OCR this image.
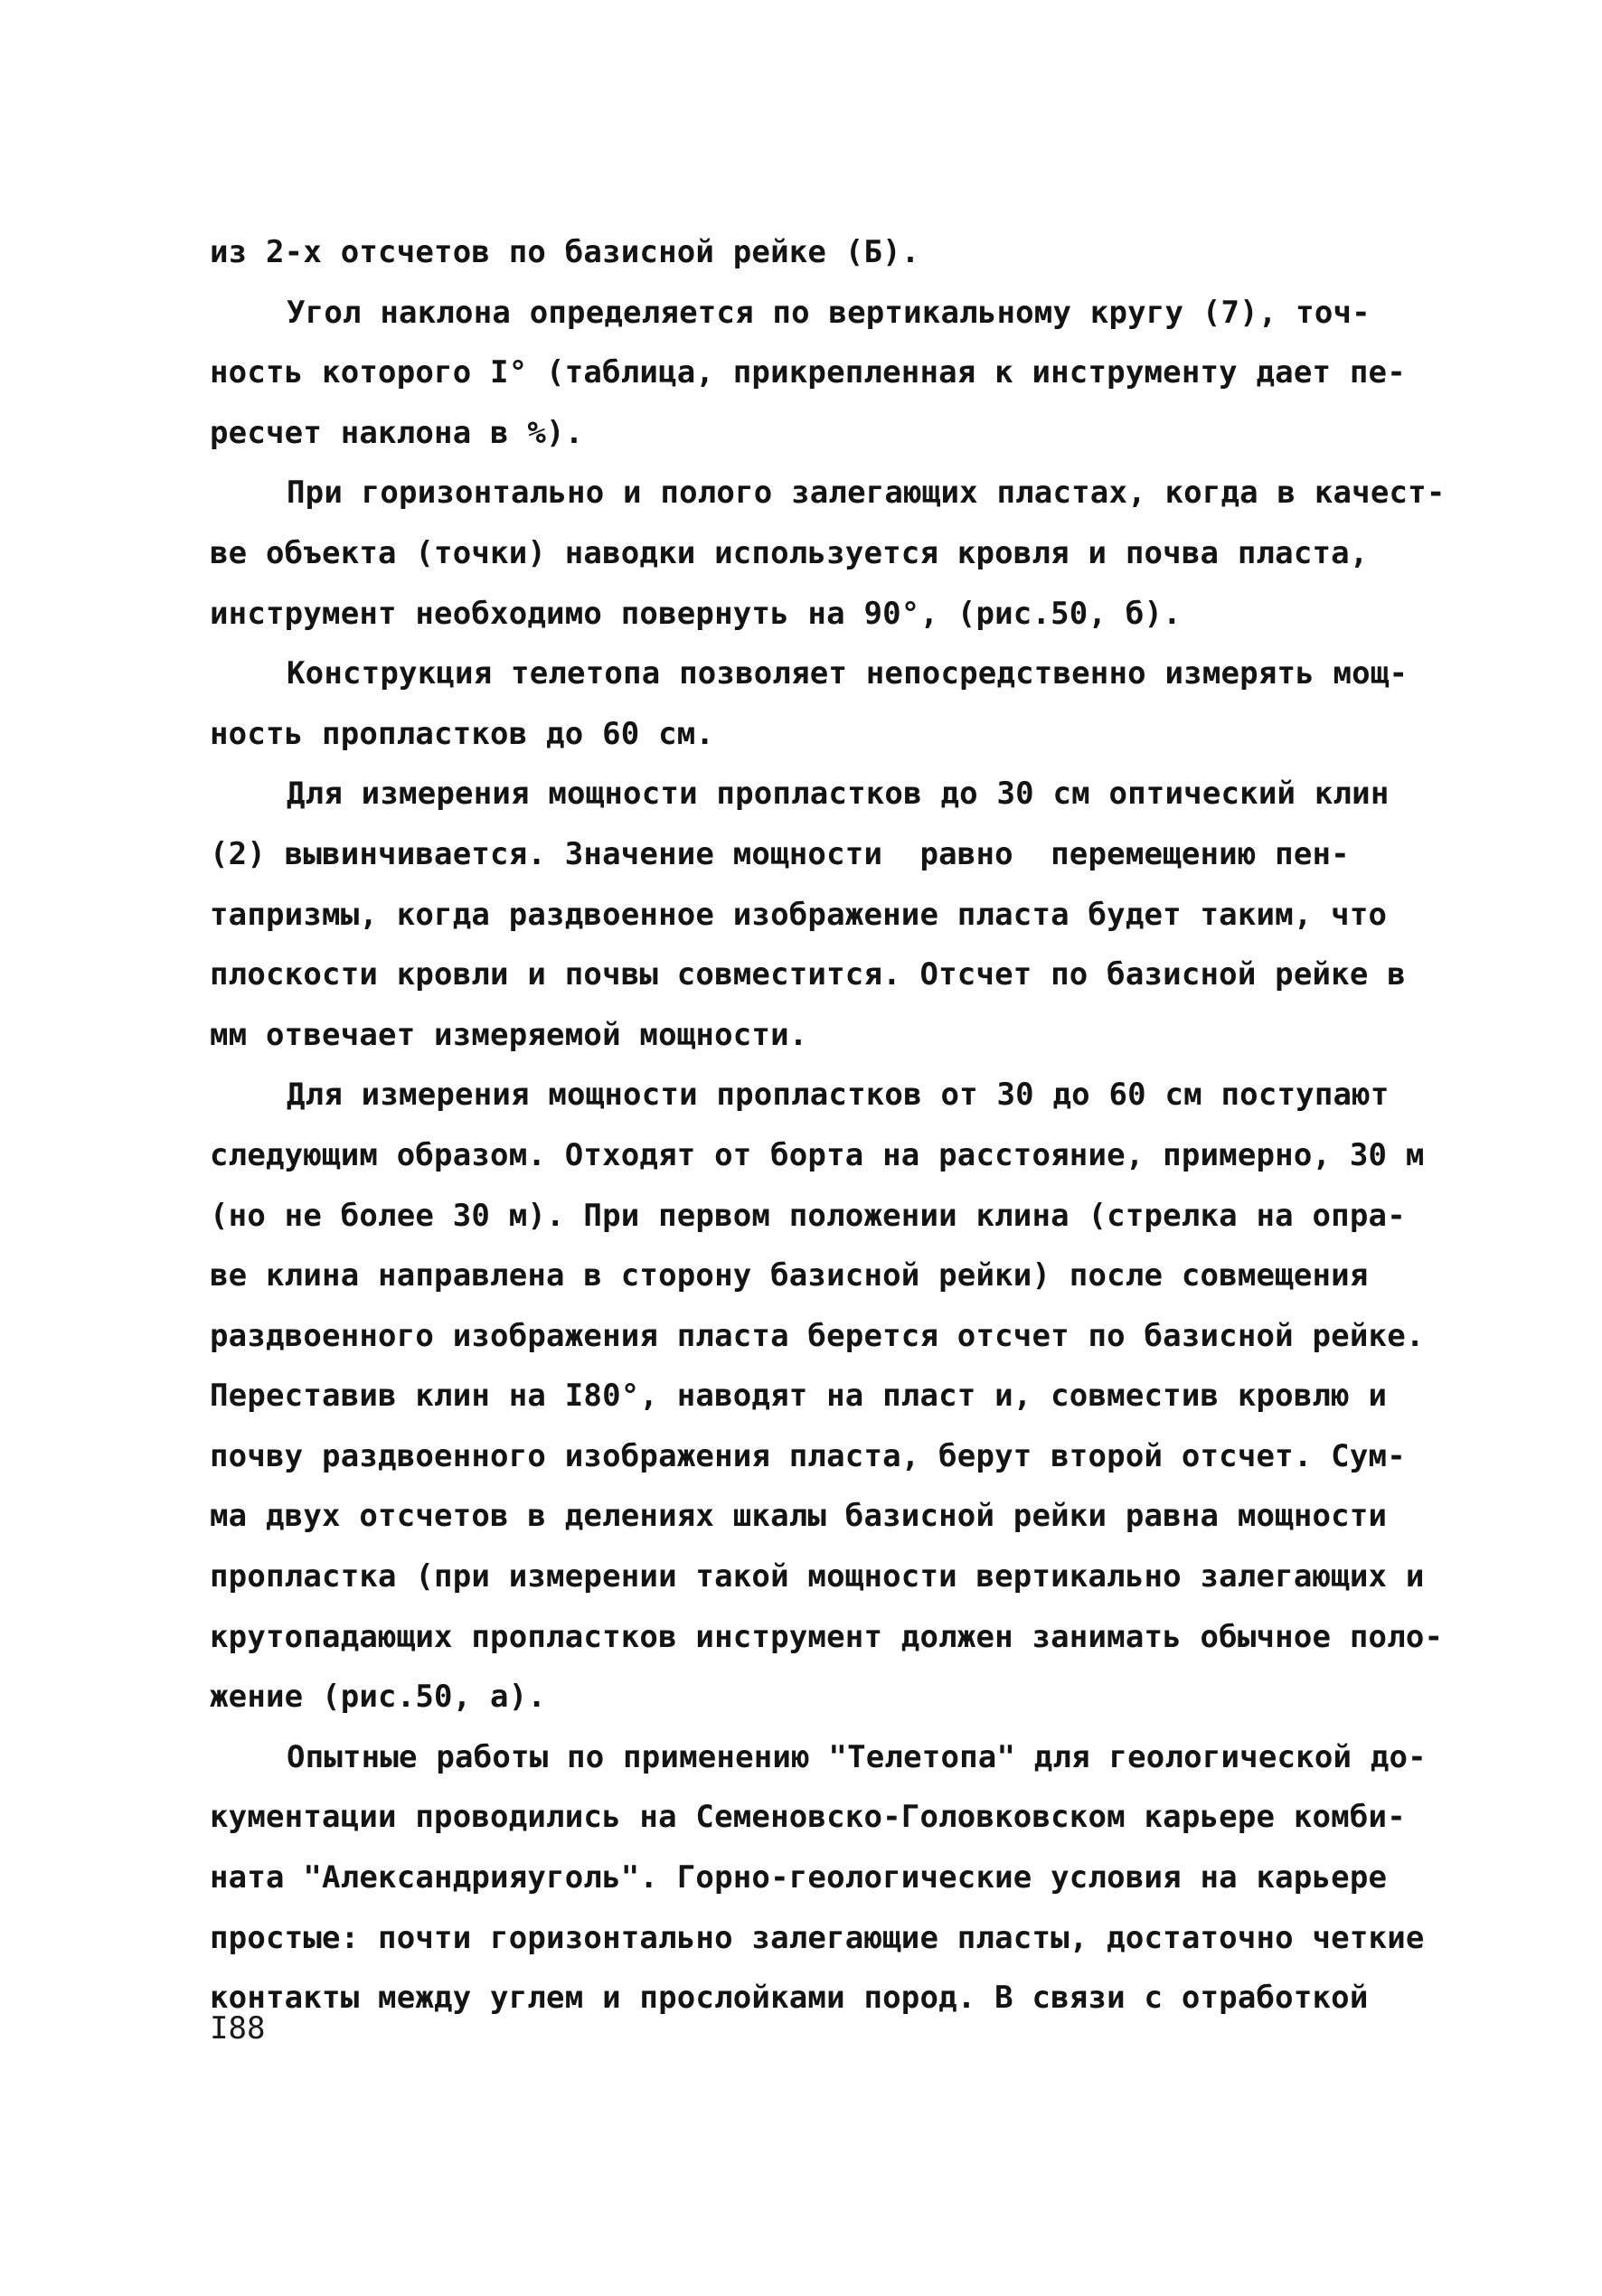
из 2-х отсчетов по базисной рейке (Б).
Угол наклона определяется по вертикальному кругу (7), точ-
ность которого I° (таблица, прикрепленная к инструменту дает пе-
ресчет наклона в %).
При горизонтально и полого залегающих пластах, когда в качест-
ве объекта (точки) наводки используется кровля и почва пласта,
инструмент необходимо повернуть на 90°, (рис.50, б).
Конструкция телетопа позволяет непосредственно измерять мощ-
ность пропластков до 60 см.
Для измерения мощности пропластков до 30 см оптический клин
(2) вывинчивается. Значение мощности  равно  перемещению пен-
тапризмы, когда раздвоенное изображение пласта будет таким, что
плоскости кровли и почвы совместится. Отсчет по базисной рейке в
мм отвечает измеряемой мощности.
Для измерения мощности пропластков от 30 до 60 см поступают
следующим образом. Отходят от борта на расстояние, примерно, 30 м
(но не более 30 м). При первом положении клина (стрелка на опра-
ве клина направлена в сторону базисной рейки) после совмещения
раздвоенного изображения пласта берется отсчет по базисной рейке.
Переставив клин на I80°, наводят на пласт и, совместив кровлю и
почву раздвоенного изображения пласта, берут второй отсчет. Сум-
ма двух отсчетов в делениях шкалы базисной рейки равна мощности
пропластка (при измерении такой мощности вертикально залегающих и
крутопадающих пропластков инструмент должен занимать обычное поло-
жение (рис.50, а).
Опытные работы по применению "Телетопа" для геологической до-
кументации проводились на Семеновско-Головковском карьере комби-
ната "Александрияуголь". Горно-геологические условия на карьере
простые: почти горизонтально залегающие пласты, достаточно четкие
контакты между углем и прослойками пород. В связи с отработкой
I88
